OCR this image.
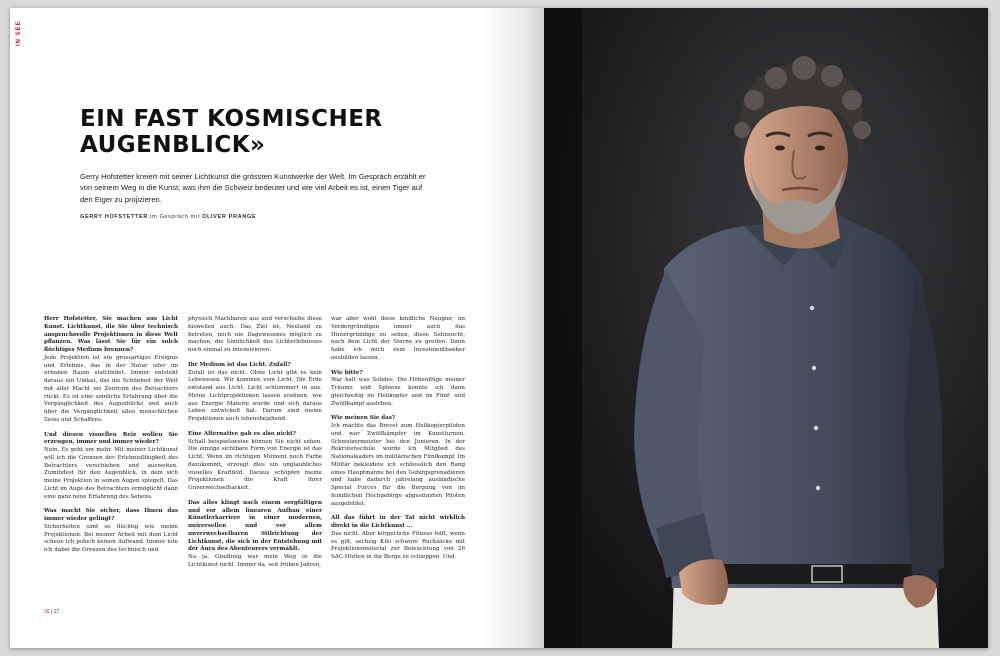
IN SEE
EIN FAST KOSMISCHER AUGENBLICK»

Gerry Hofstetter kreiert mit seiner Lichtkunst die grössten Kunstwerke der Welt. Im Gespräch erzählt er von seinem Weg in die Kunst, was ihm die Schweiz bedeutet und wie viel Arbeit es ist, einen Tiger auf den Eiger zu projizieren.

GERRY HOFSTETTER im Gespräch mit OLIVER PRANGE

Herr Hofstetter, Sie machen aus Licht Kunst. Lichtkunst, die Sie über technisch anspruchsvolle Projektionen in diese Welt pflanzen. Was lässt Sie für ein solch flüchtiges Medium brennen?
Jede Projektion ist ein grossartiges Ereignis und Erlebnis, das in der Natur oder im urbanen Raum stattfindet. Immer entsteht daraus ein Unikat, das die Schönheit der Welt mit aller Macht ins Zentrum des Betrachters rückt. Es ist eine sinnliche Erfahrung über die Vergänglichkeit des Augenblicks und auch über die Vergänglichkeit allen menschlichen Seins und Schaffens.

Und diesen visuellen Reiz wollen Sie erzeugen, immer und immer wieder?
Nein. Es geht um mehr. Mit meiner Lichtkunst will ich die Grenzen der Erlebnisfähigkeit des Betrachters verschieben und ausweiten. Zumindest für den Augenblick, in dem sich meine Projektion in seinen Augen spiegelt. Das Licht im Auge des Betrachters ermöglicht dann eine ganz neue Erfahrung des Sehens.

Was macht Sie sicher, dass Ihnen das immer wieder gelingt?
Sicherheiten sind so flüchtig wie meine Projektionen. Bei meiner Arbeit mit dem Licht scheue ich jedoch keinen Aufwand. Immer lote ich dabei die Grenzen des technisch und

physisch Machbaren aus und verschiebe diese bisweilen auch. Das Ziel ist, Neuland zu betreten, noch nie Dagewesenes möglich zu machen, die Sinnlichkeit des Lichterlebnisses noch einmal zu intensivieren.

Ihr Medium ist das Licht. Zufall?
Zufall ist das nicht. Ohne Licht gibt es kein Lebewesen. Wir kommen vom Licht. Die Erde entstand aus Licht. Licht schlummert in uns. Meine Lichtprojektionen lassen erahnen, wie aus Energie Materie wurde und sich daraus Leben entwickelt hat. Darum sind meine Projektionen auch lebensbejahend.

Eine Alternative gab es also nicht?
Schall beispielsweise können Sie nicht sehen. Die einzige sichtbare Form von Energie ist das Licht. Wenn im richtigen Moment noch Farbe dazukommt, erzeugt dies ein unglaubliches visuelles Kraftfeld. Daraus schöpfen meine Projektionen die Kraft ihrer Unverwechselbarkeit.

Das alles klingt nach einem sorgfältigen und vor allem linearen Aufbau einer Künstlerkarriere in einer modernen, universellen und vor allem unverwechselbaren Stilrichtung der Lichtkunst, die sich in der Entstehung mit der Aura des Abenteurers vermählt.
Na ja. Gradlinig war mein Weg in die Lichtkunst nicht. Immer da, seit frühen Jahren,

war aber wohl diese kindliche Neugier, im Vordergründigen immer auch das Hintergründige zu sehen, diese Sehnsucht, nach dem Licht der Sterne zu greifen. Dann habe ich mich zum Investmentbanker ausbilden lassen.

Wie bitte?
War halt was Solides. Die Höhenflüge meiner Träume und Spleens konnte ich dann gleichzeitig im Helikopter und im Fünf- und Zwölfkampf ausleben.

Wie meinen Sie das?
Ich machte das Brevet zum Helikopterpiloten und war Zwölfkämpfer im Kunstturnen, Schweizermeister bei den Junioren. In der Rekrutenschule wurde ich Mitglied des Nationalkaders im militärischen Fünfkampf. Im Militär bekleidete ich schliesslich den Rang eines Hauptmanns bei den Gebirgsgrenadieren und habe dadurch jahrelang ausländische Special Forces für die Bergung von im feindlichen Hochgebirge abgestürzten Piloten ausgebildet.

All das führt in der Tat nicht wirklich direkt in die Lichtkunst …
Das nicht. Aber körperliche Fitness hilft, wenn es gilt, sechzig Kilo schwere Rucksäcke mit Projektionsmaterial zur Beleuchtung von 26 SAC-Hütten in die Berge zu schleppen. Und

16 | 17
